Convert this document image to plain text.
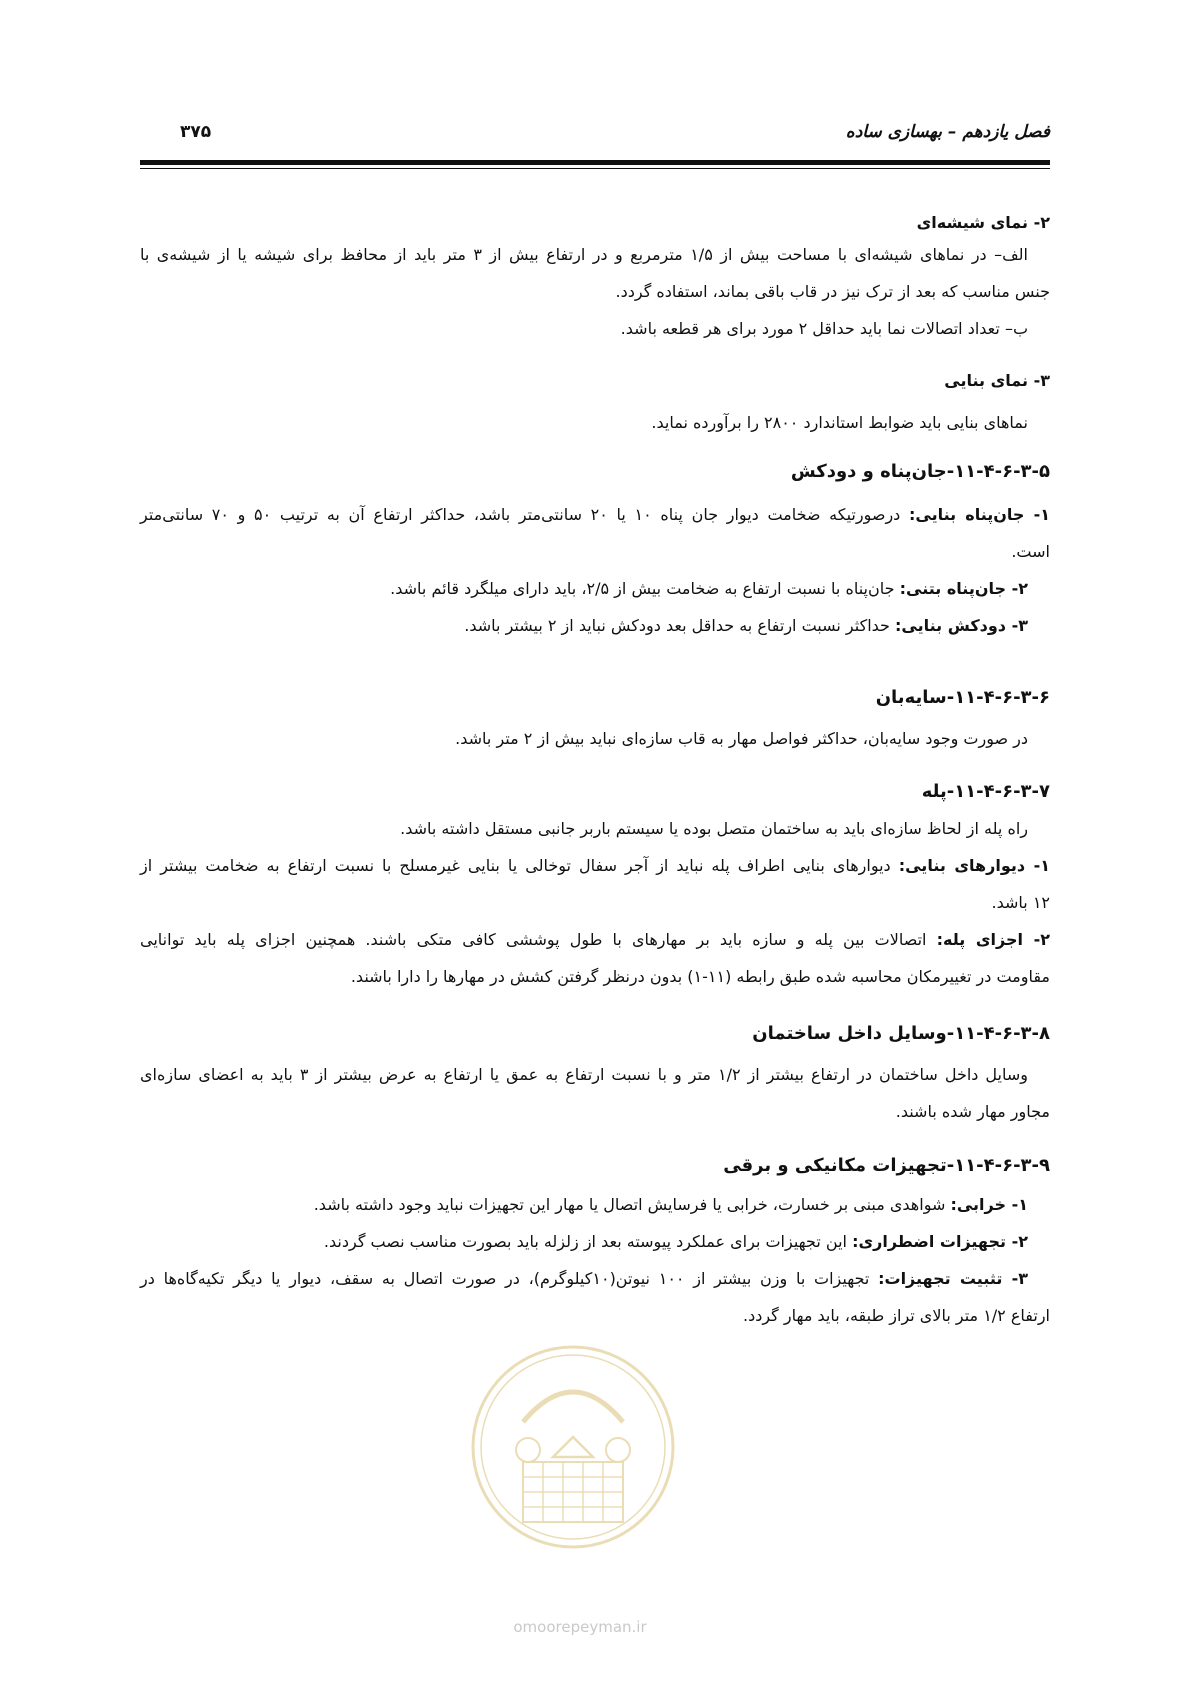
فصل یازدهم – بهسازی ساده
۳۷۵
۲- نمای شیشه‌ای
الف– در نماهای شیشه‌ای با مساحت بیش از ۱/۵ مترمربع و در ارتفاع بیش از ۳ متر باید از محافظ برای شیشه یا از شیشه‌ی با
جنس مناسب که بعد از ترک نیز در قاب باقی بماند، استفاده گردد.
ب– تعداد اتصالات نما باید حداقل ۲ مورد برای هر قطعه باشد.
۳- نمای بنایی
نماهای بنایی باید ضوابط استاندارد ۲۸۰۰ را برآورده نماید.
۱۱-۴-۶-۳-۵-جان‌پناه و دودکش
۱- جان‌پناه بنایی: درصورتیکه ضخامت دیوار جان پناه ۱۰ یا ۲۰ سانتی‌متر باشد، حداکثر ارتفاع آن به ترتیب ۵۰ و ۷۰ سانتی‌متر
است.
۲- جان‌پناه بتنی: جان‌پناه با نسبت ارتفاع به ضخامت بیش از ۲/۵، باید دارای میلگرد قائم باشد.
۳- دودکش بنایی: حداکثر نسبت ارتفاع به حداقل بعد دودکش نباید از ۲ بیشتر باشد.
۱۱-۴-۶-۳-۶-سایه‌بان
در صورت وجود سایه‌بان، حداکثر فواصل مهار به قاب سازه‌ای نباید بیش از ۲ متر باشد.
۱۱-۴-۶-۳-۷-پله
راه پله از لحاظ سازه‌ای باید به ساختمان متصل بوده یا سیستم باربر جانبی مستقل داشته باشد.
۱- دیوارهای بنایی: دیوارهای بنایی اطراف پله نباید از آجر سفال توخالی یا بنایی غیرمسلح با نسبت ارتفاع به ضخامت بیشتر از
۱۲ باشد.
۲- اجزای پله: اتصالات بین پله و سازه باید بر مهارهای با طول پوششی کافی متکی باشند. همچنین اجزای پله باید توانایی
مقاومت در تغییرمکان محاسبه شده طبق رابطه (۱۱-۱) بدون درنظر گرفتن کشش در مهارها را دارا باشند.
۱۱-۴-۶-۳-۸-وسایل داخل ساختمان
وسایل داخل ساختمان در ارتفاع بیشتر از ۱/۲ متر و با نسبت ارتفاع به عمق یا ارتفاع به عرض بیشتر از ۳ باید به اعضای سازه‌ای
مجاور مهار شده باشند.
۱۱-۴-۶-۳-۹-تجهیزات مکانیکی و برقی
۱- خرابی: شواهدی مبنی بر خسارت، خرابی یا فرسایش اتصال یا مهار این تجهیزات نباید وجود داشته باشد.
۲- تجهیزات اضطراری: این تجهیزات برای عملکرد پیوسته بعد از زلزله باید بصورت مناسب نصب گردند.
۳- تثبیت تجهیزات: تجهیزات با وزن بیشتر از ۱۰۰ نیوتن(۱۰کیلوگرم)، در صورت اتصال به سقف، دیوار یا دیگر تکیه‌گاه‌ها در
ارتفاع ۱/۲ متر بالای تراز طبقه، باید مهار گردد.
omoorepeyman.ir
